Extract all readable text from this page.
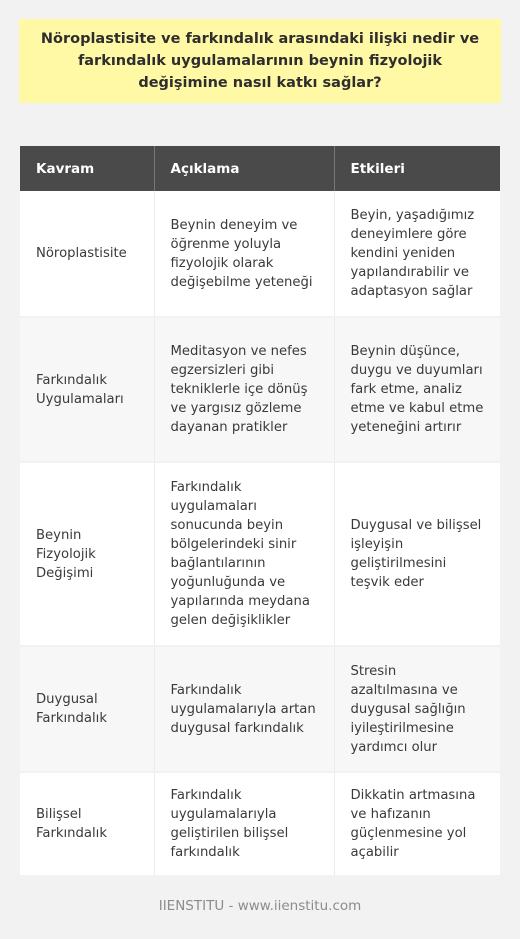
Nöroplastisite ve farkındalık arasındaki ilişki nedir ve farkındalık uygulamalarının beynin fizyolojik değişimine nasıl katkı sağlar?
Kavram	Açıklama	Etkileri
Nöroplastisite	Beynin deneyim ve öğrenme yoluyla fizyolojik olarak değişebilme yeteneği	Beyin, yaşadığımız deneyimlere göre kendini yeniden yapılandırabilir ve adaptasyon sağlar
Farkındalık Uygulamaları	Meditasyon ve nefes egzersizleri gibi tekniklerle içe dönüş ve yargısız gözleme dayanan pratikler	Beynin düşünce, duygu ve duyumları fark etme, analiz etme ve kabul etme yeteneğini artırır
Beynin Fizyolojik Değişimi	Farkındalık uygulamaları sonucunda beyin bölgelerindeki sinir bağlantılarının yoğunluğunda ve yapılarında meydana gelen değişiklikler	Duygusal ve bilişsel işleyişin geliştirilmesini teşvik eder
Duygusal Farkındalık	Farkındalık uygulamalarıyla artan duygusal farkındalık	Stresin azaltılmasına ve duygusal sağlığın iyileştirilmesine yardımcı olur
Bilişsel Farkındalık	Farkındalık uygulamalarıyla geliştirilen bilişsel farkındalık	Dikkatin artmasına ve hafızanın güçlenmesine yol açabilir
IIENSTITU - www.iienstitu.com
